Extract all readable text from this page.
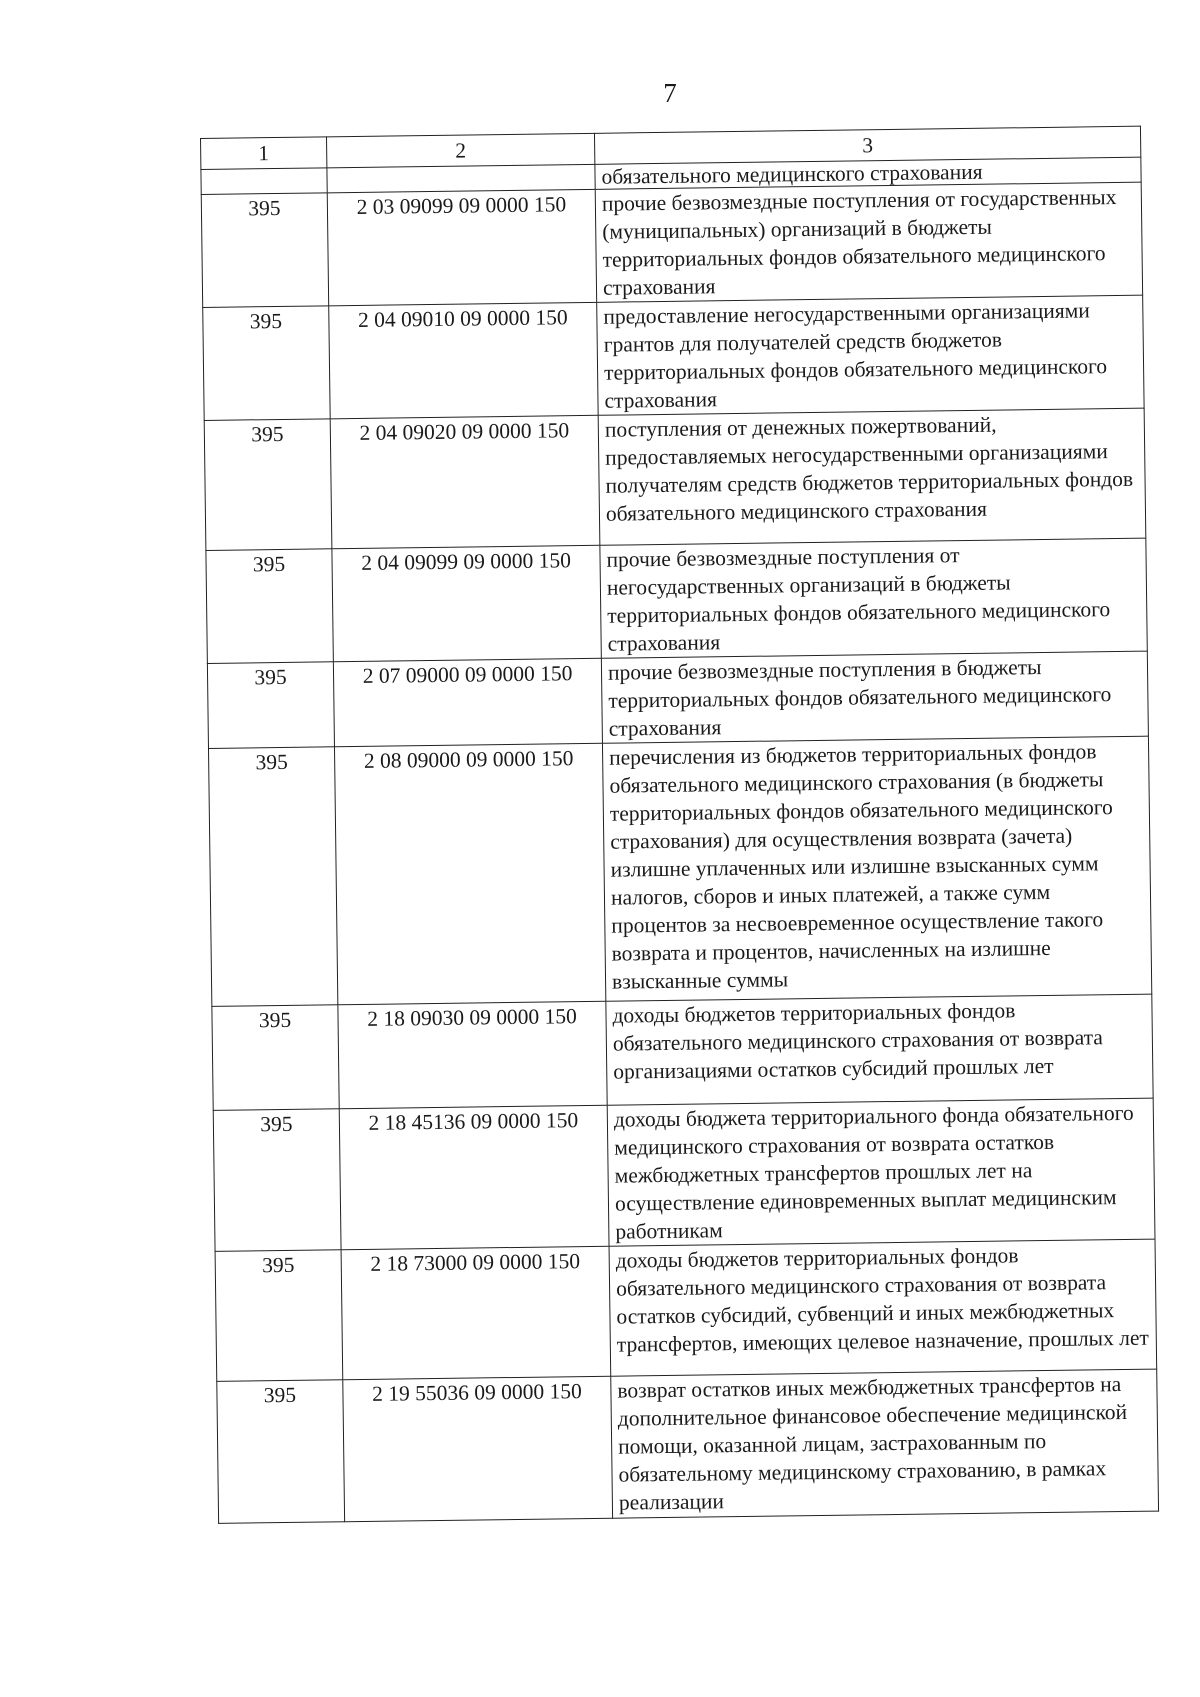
7
1	2	3
		обязательного медицинского страхования
395	2 03 09099 09 0000 150	прочие безвозмездные поступления от государственных (муниципальных) организаций в бюджеты территориальных фондов обязательного медицинского страхования
395	2 04 09010 09 0000 150	предоставление негосударственными организациями грантов для получателей средств бюджетов территориальных фондов обязательного медицинского страхования
395	2 04 09020 09 0000 150	поступления от денежных пожертвований, предоставляемых негосударственными организациями получателям средств бюджетов территориальных фондов обязательного медицинского страхования
395	2 04 09099 09 0000 150	прочие безвозмездные поступления от негосударственных организаций в бюджеты территориальных фондов обязательного медицинского страхования
395	2 07 09000 09 0000 150	прочие безвозмездные поступления в бюджеты территориальных фондов обязательного медицинского страхования
395	2 08 09000 09 0000 150	перечисления из бюджетов территориальных фондов обязательного медицинского страхования (в бюджеты территориальных фондов обязательного медицинского страхования) для осуществления возврата (зачета) излишне уплаченных или излишне взысканных сумм налогов, сборов и иных платежей, а также сумм процентов за несвоевременное осуществление такого возврата и процентов, начисленных на излишне взысканные суммы
395	2 18 09030 09 0000 150	доходы бюджетов территориальных фондов обязательного медицинского страхования от возврата организациями остатков субсидий прошлых лет
395	2 18 45136 09 0000 150	доходы бюджета территориального фонда обязательного медицинского страхования от возврата остатков межбюджетных трансфертов прошлых лет на осуществление единовременных выплат медицинским работникам
395	2 18 73000 09 0000 150	доходы бюджетов территориальных фондов обязательного медицинского страхования от возврата остатков субсидий, субвенций и иных межбюджетных трансфертов, имеющих целевое назначение, прошлых лет
395	2 19 55036 09 0000 150	возврат остатков иных межбюджетных трансфертов на дополнительное финансовое обеспечение медицинской помощи, оказанной лицам, застрахованным по обязательному медицинскому страхованию, в рамках реализации
